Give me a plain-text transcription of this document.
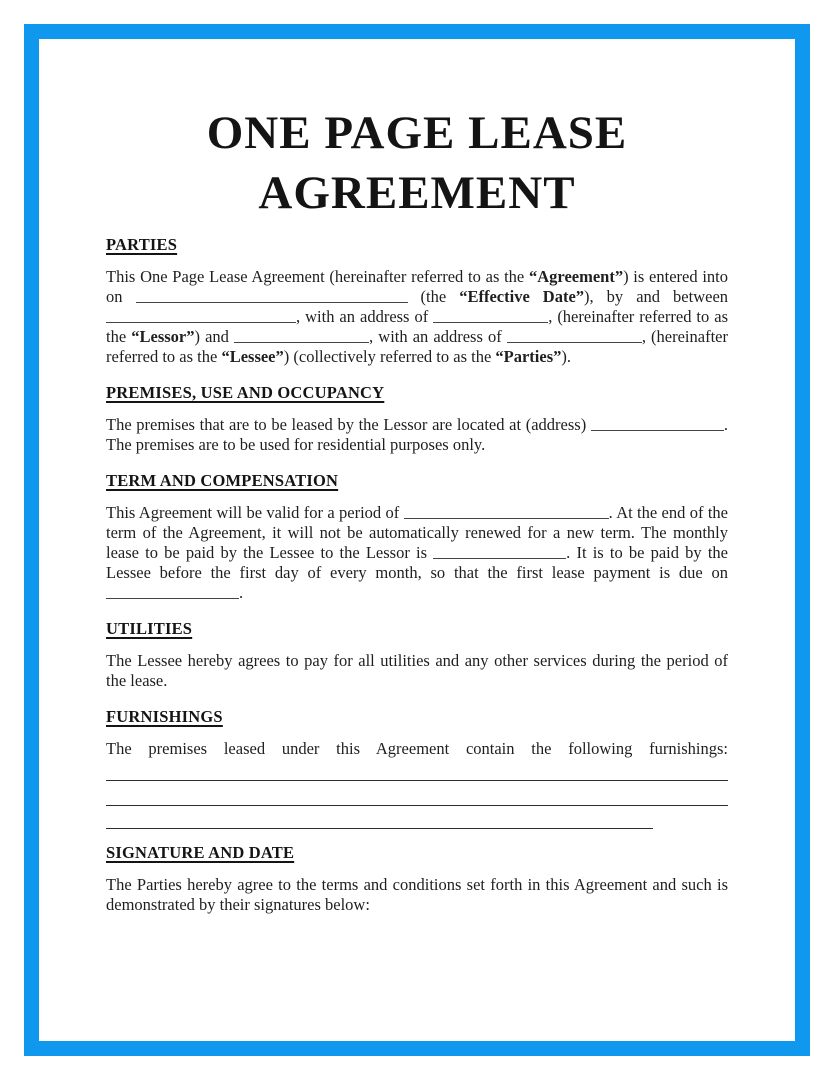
ONE PAGE LEASE
AGREEMENT
PARTIES

This One Page Lease Agreement (hereinafter referred to as the “Agreement”) is entered into on	(the “Effective Date”), by and between , with an address of	, (hereinafter referred to as the “Lessor”) and	, with an address of	, (hereinafter referred to as the “Lessee”) (collectively referred to as the “Parties”).

PREMISES, USE AND OCCUPANCY

The premises that are to be leased by the Lessor are located at (address)	. The premises are to be used for residential purposes only.

TERM AND COMPENSATION

This Agreement will be valid for a period of	. At the end of the term of the Agreement, it will not be automatically renewed for a new term. The monthly lease to be paid by the Lessee to the Lessor is	. It is to be paid by the Lessee before the first day of every month, so that the first lease payment is due on .

UTILITIES

The Lessee hereby agrees to pay for all utilities and any other services during the period of the lease.

FURNISHINGS

The premises leased under this Agreement contain the following furnishings:

SIGNATURE AND DATE

The Parties hereby agree to the terms and conditions set forth in this Agreement and such is demonstrated by their signatures below:
